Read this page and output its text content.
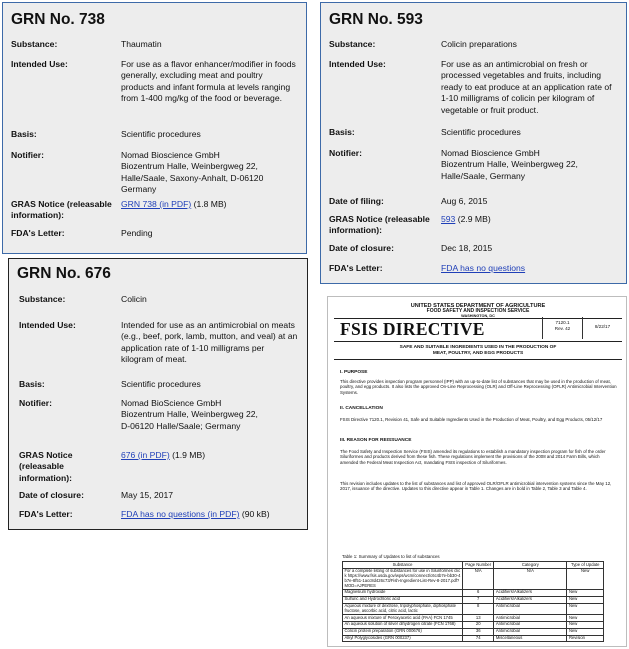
GRN No. 738
Substance:	Thaumatin
Intended Use:	For use as a flavor enhancer/modifier in foods
generally, excluding meat and poultry
products and infant formula at levels ranging
from 1-400 mg/kg of the food or beverage.
Basis:	Scientific procedures
Notifier:	Nomad Bioscience GmbH
Biozentrum Halle, Weinbergweg 22,
Halle/Saale, Saxony-Anhalt, D-06120
Germany
GRAS Notice (releasable
information):
GRN 738 (in PDF) (1.8 MB)
FDA's Letter:	Pending
GRN No. 593
Substance:	Colicin preparations
Intended Use:	For use as an antimicrobial on fresh or
processed vegetables and fruits, including
ready to eat produce at an application rate of
1-10 milligrams of colicin per kilogram of
vegetable or fruit product.
Basis:	Scientific procedures
Notifier:	Nomad Bioscience GmbH
Biozentrum Halle, Weinbergweg 22,
Halle/Saale, Germany
Date of filing:	Aug 6, 2015
GRAS Notice (releasable
information):
593 (2.9 MB)
Date of closure:	Dec 18, 2015
FDA's Letter:	FDA has no questions
GRN No. 676
Substance:	Colicin
Intended Use:	Intended for use as an antimicrobial on meats
(e.g., beef, pork, lamb, mutton, and veal) at an
application rate of 1-10 milligrams per
kilogram of meat.
Basis:	Scientific procedures
Notifier:	Nomad BioScience GmbH
Biozentrum Halle, Weinbergweg 22,
D-06120 Halle/Saale; Germany
GRAS Notice
(releasable
information):
676 (in PDF) (1.9 MB)
Date of closure:	May 15, 2017
FDA's Letter:	FDA has no questions (in PDF) (90 kB)
UNITED STATES DEPARTMENT OF AGRICULTURE
FOOD SAFETY AND INSPECTION SERVICE
WASHINGTON, DC
FSIS DIRECTIVE	7120.1
Rev. 42	8/22/17
SAFE AND SUITABLE INGREDIENTS USED IN THE PRODUCTION OF
MEAT, POULTRY, AND EGG PRODUCTS
I. PURPOSE
This directive provides inspection program personnel (IPP) with an up-to-date list of substances that may be used in the production of meat, poultry, and egg products. It also lists the approved On-Line Reprocessing (OLR) and Off-Line Reprocessing (OFLR) Antimicrobial Intervention Systems.
II. CANCELLATION
FSIS Directive 7120.1, Revision 41, Safe and Suitable Ingredients Used in the Production of Meat, Poultry, and Egg Products, 05/12/17
III. REASON FOR REISSUANCE
The Food Safety and Inspection Service (FSIS) amended its regulations to establish a mandatory inspection program for fish of the order Siluriformes and products derived from these fish. These regulations implement the provisions of the 2008 and 2014 Farm Bills, which amended the Federal Meat Inspection Act, mandating FSIS inspection of Siluriformes.
This revision includes updates to the list of substances and list of approved OLR/OFLR antimicrobial intervention systems since the May 12, 2017, issuance of the directive. Updates to this directive appear in Table 1. Changes are in bold in Table 2, Table 3 and Table 4.
Table 1: Summary of Updates to list of substances
Substance	Page Number	Category	Type of Update
For a complete listing of substances for use in Siluriformes click https://www.fsis.usda.gov/wps/wcm/connect/c6c4b7e-bb30-4b7e-8f51-1acc8d426c73/Fish-Ingredient-List-Rev-8-2017.pdf?MOD=AJPERES	N/A	N/A	New
Magnesium hydroxide	6	Acidifiers/Alkalizers	New
Sulfuric and Hydrochloric acid	7	Acidifiers/Alkalizers	New
Aqueous mixture of dextrose, tripolyphosphate, diphosphate fructose, ascorbic acid, citric acid, lactic	8	Antimicrobial	New
An aqueous mixture of Peroxyacetic acid (PAA) FCN 1745	13	Antimicrobial	New
An aqueous solution of silver dihydrogen citrate (FCN 1768)	20	Antimicrobial	New
Colicin protein preparation (GRN 000676)	36	Antimicrobial	New
Alkyl Polyglycosides (GRN 000237)	74	Miscellaneous	Revision
